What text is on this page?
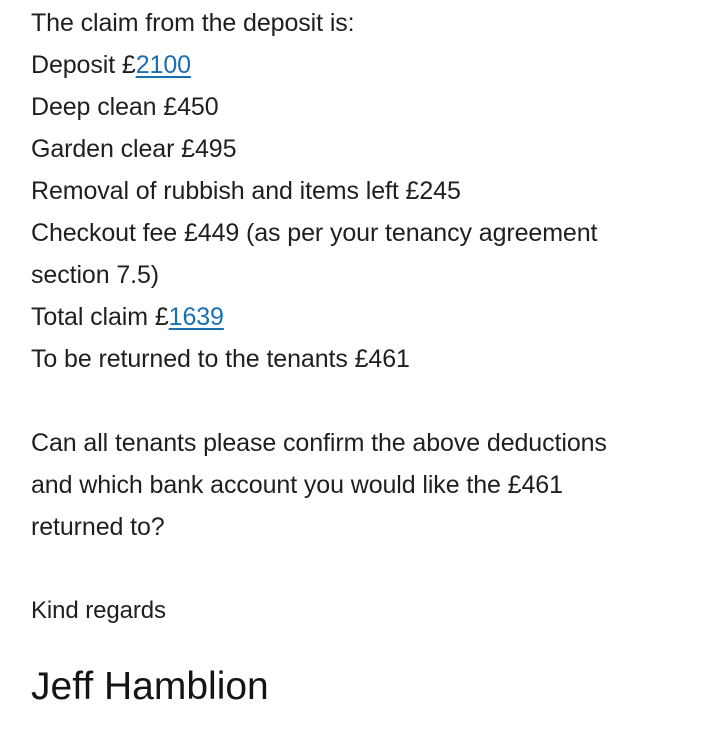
The claim from the deposit is:
Deposit £2100
Deep clean £450
Garden clear £495
Removal of rubbish and items left £245
Checkout fee £449 (as per your tenancy agreement
section 7.5)
Total claim £1639
To be returned to the tenants £461
Can all tenants please confirm the above deductions
and which bank account you would like the £461
returned to?
Kind regards
Jeff Hamblion
